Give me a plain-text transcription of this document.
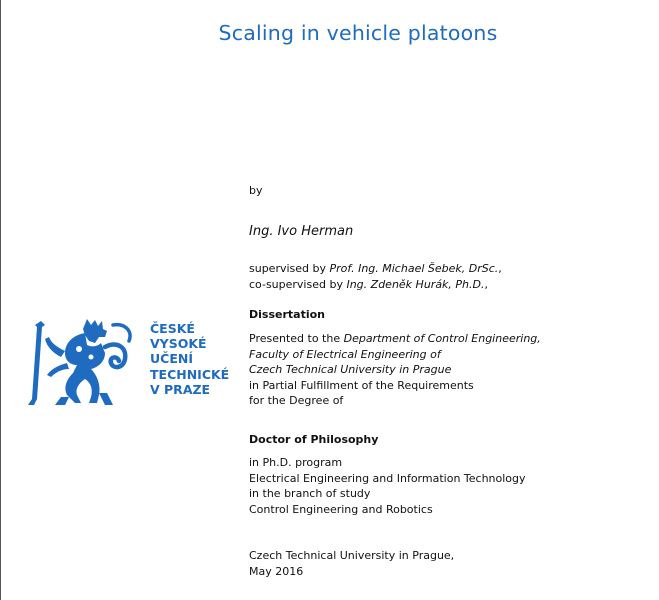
Scaling in vehicle platoons
by
Ing. Ivo Herman
supervised by Prof. Ing. Michael Šebek, DrSc.,
co-supervised by Ing. Zdeněk Hurák, Ph.D.,
Dissertation
Presented to the Department of Control Engineering,
Faculty of Electrical Engineering of
Czech Technical University in Prague
in Partial Fulfillment of the Requirements
for the Degree of
Doctor of Philosophy
in Ph.D. program
Electrical Engineering and Information Technology
in the branch of study
Control Engineering and Robotics
Czech Technical University in Prague,
May 2016
ČESKÉ
VYSOKÉ
UČENÍ
TECHNICKÉ
V PRAZE
